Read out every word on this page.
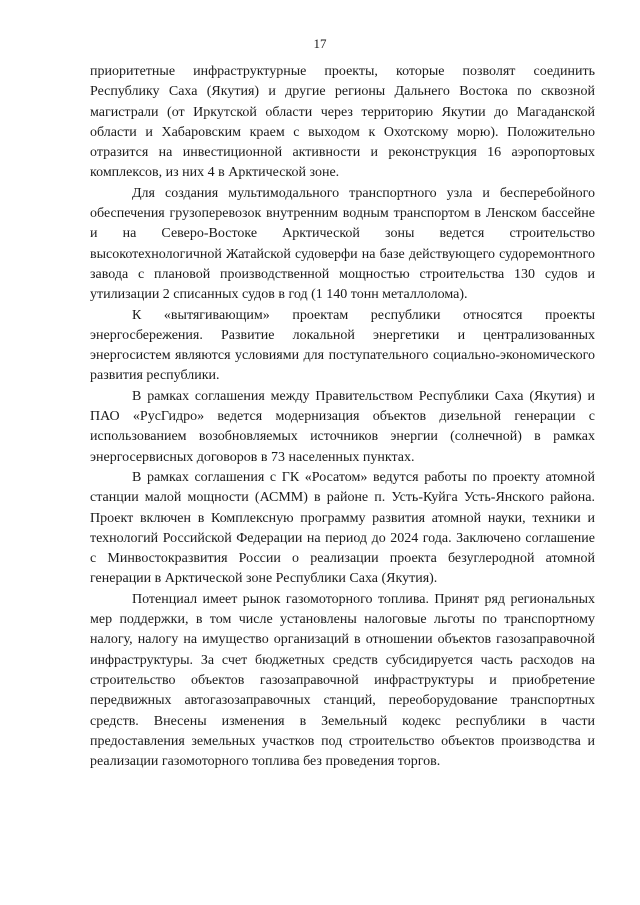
17

приоритетные инфраструктурные проекты, которые позволят соединить Республику Саха (Якутия) и другие регионы Дальнего Востока по сквозной магистрали (от Иркутской области через территорию Якутии до Магаданской области и Хабаровским краем с выходом к Охотскому морю). Положительно отразится на инвестиционной активности и реконструкция 16 аэропортовых комплексов, из них 4 в Арктической зоне.

Для создания мультимодального транспортного узла и бесперебойного обеспечения грузоперевозок внутренним водным транспортом в Ленском бассейне и на Северо-Востоке Арктической зоны ведется строительство высокотехнологичной Жатайской судоверфи на базе действующего судоремонтного завода с плановой производственной мощностью строительства 130 судов и утилизации 2 списанных судов в год (1 140 тонн металлолома).

К «вытягивающим» проектам республики относятся проекты энергосбережения. Развитие локальной энергетики и централизованных энергосистем являются условиями для поступательного социально-экономического развития республики.

В рамках соглашения между Правительством Республики Саха (Якутия) и ПАО «РусГидро» ведется модернизация объектов дизельной генерации с использованием возобновляемых источников энергии (солнечной) в рамках энергосервисных договоров в 73 населенных пунктах.

В рамках соглашения с ГК «Росатом» ведутся работы по проекту атомной станции малой мощности (АСММ) в районе п. Усть-Куйга Усть-Янского района. Проект включен в Комплексную программу развития атомной науки, техники и технологий Российской Федерации на период до 2024 года. Заключено соглашение с Минвостокразвития России о реализации проекта безуглеродной атомной генерации в Арктической зоне Республики Саха (Якутия).

Потенциал имеет рынок газомоторного топлива. Принят ряд региональных мер поддержки, в том числе установлены налоговые льготы по транспортному налогу, налогу на имущество организаций в отношении объектов газозаправочной инфраструктуры. За счет бюджетных средств субсидируется часть расходов на строительство объектов газозаправочной инфраструктуры и приобретение передвижных автогазозаправочных станций, переоборудование транспортных средств. Внесены изменения в Земельный кодекс республики в части предоставления земельных участков под строительство объектов производства и реализации газомоторного топлива без проведения торгов.
